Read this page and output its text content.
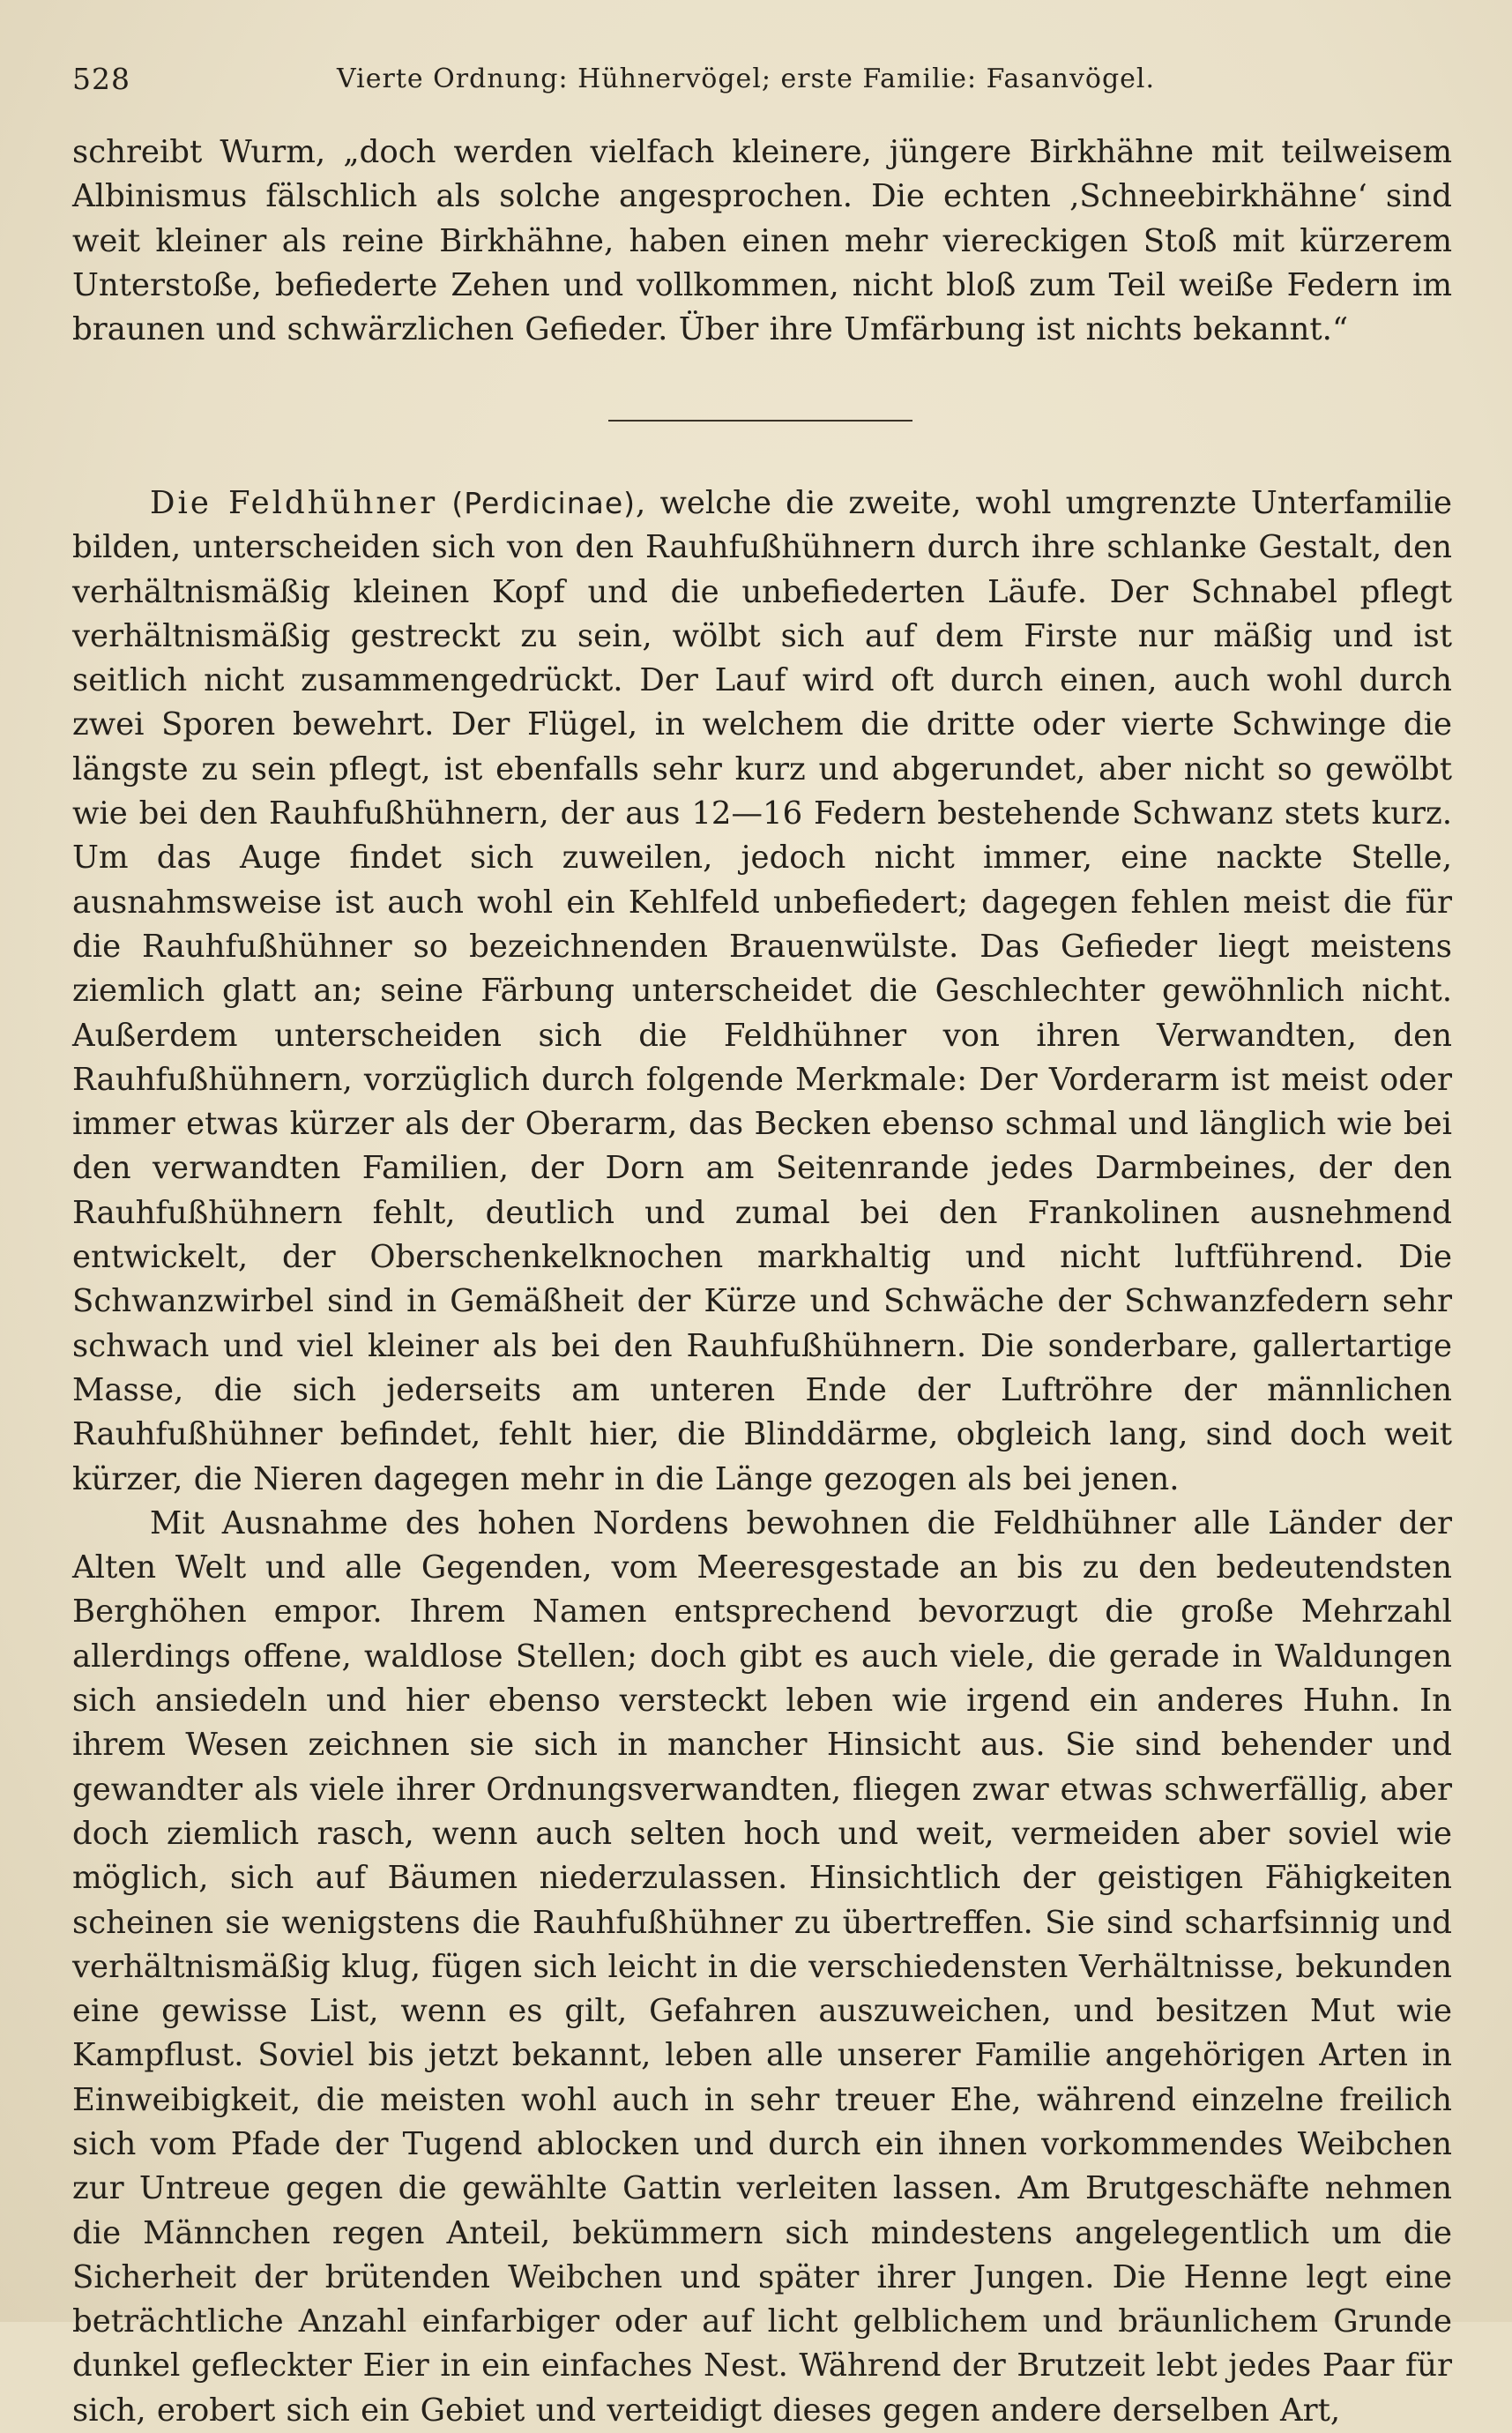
528	Vierte Ordnung: Hühnervögel; erste Familie: Fasanvögel.

schreibt Wurm, „doch werden vielfach kleinere, jüngere Birkhähne mit teilweisem Albinismus fälschlich als solche angesprochen. Die echten ‚Schneebirkhähne‘ sind weit kleiner als reine Birkhähne, haben einen mehr viereckigen Stoß mit kürzerem Unterstoße, befiederte Zehen und vollkommen, nicht bloß zum Teil weiße Federn im braunen und schwärzlichen Gefieder. Über ihre Umfärbung ist nichts bekannt.“

Die Feldhühner (Perdicinae), welche die zweite, wohl umgrenzte Unterfamilie bilden, unterscheiden sich von den Rauhfußhühnern durch ihre schlanke Gestalt, den verhältnismäßig kleinen Kopf und die unbefiederten Läufe. Der Schnabel pflegt verhältnismäßig gestreckt zu sein, wölbt sich auf dem Firste nur mäßig und ist seitlich nicht zusammengedrückt. Der Lauf wird oft durch einen, auch wohl durch zwei Sporen bewehrt. Der Flügel, in welchem die dritte oder vierte Schwinge die längste zu sein pflegt, ist ebenfalls sehr kurz und abgerundet, aber nicht so gewölbt wie bei den Rauhfußhühnern, der aus 12—16 Federn bestehende Schwanz stets kurz. Um das Auge findet sich zuweilen, jedoch nicht immer, eine nackte Stelle, ausnahmsweise ist auch wohl ein Kehlfeld unbefiedert; dagegen fehlen meist die für die Rauhfußhühner so bezeichnenden Brauenwülste. Das Gefieder liegt meistens ziemlich glatt an; seine Färbung unterscheidet die Geschlechter gewöhnlich nicht. Außerdem unterscheiden sich die Feldhühner von ihren Verwandten, den Rauhfußhühnern, vorzüglich durch folgende Merkmale: Der Vorderarm ist meist oder immer etwas kürzer als der Oberarm, das Becken ebenso schmal und länglich wie bei den verwandten Familien, der Dorn am Seitenrande jedes Darmbeines, der den Rauhfußhühnern fehlt, deutlich und zumal bei den Frankolinen ausnehmend entwickelt, der Oberschenkelknochen markhaltig und nicht luftführend. Die Schwanzwirbel sind in Gemäßheit der Kürze und Schwäche der Schwanzfedern sehr schwach und viel kleiner als bei den Rauhfußhühnern. Die sonderbare, gallertartige Masse, die sich jederseits am unteren Ende der Luftröhre der männlichen Rauhfußhühner befindet, fehlt hier, die Blinddärme, obgleich lang, sind doch weit kürzer, die Nieren dagegen mehr in die Länge gezogen als bei jenen.

Mit Ausnahme des hohen Nordens bewohnen die Feldhühner alle Länder der Alten Welt und alle Gegenden, vom Meeresgestade an bis zu den bedeutendsten Berghöhen empor. Ihrem Namen entsprechend bevorzugt die große Mehrzahl allerdings offene, waldlose Stellen; doch gibt es auch viele, die gerade in Waldungen sich ansiedeln und hier ebenso versteckt leben wie irgend ein anderes Huhn. In ihrem Wesen zeichnen sie sich in mancher Hinsicht aus. Sie sind behender und gewandter als viele ihrer Ordnungsverwandten, fliegen zwar etwas schwerfällig, aber doch ziemlich rasch, wenn auch selten hoch und weit, vermeiden aber soviel wie möglich, sich auf Bäumen niederzulassen. Hinsichtlich der geistigen Fähigkeiten scheinen sie wenigstens die Rauhfußhühner zu übertreffen. Sie sind scharfsinnig und verhältnismäßig klug, fügen sich leicht in die verschiedensten Verhältnisse, bekunden eine gewisse List, wenn es gilt, Gefahren auszuweichen, und besitzen Mut wie Kampflust. Soviel bis jetzt bekannt, leben alle unserer Familie angehörigen Arten in Einweibigkeit, die meisten wohl auch in sehr treuer Ehe, während einzelne freilich sich vom Pfade der Tugend ablocken und durch ein ihnen vorkommendes Weibchen zur Untreue gegen die gewählte Gattin verleiten lassen. Am Brutgeschäfte nehmen die Männchen regen Anteil, bekümmern sich mindestens angelegentlich um die Sicherheit der brütenden Weibchen und später ihrer Jungen. Die Henne legt eine beträchtliche Anzahl einfarbiger oder auf licht gelblichem und bräunlichem Grunde dunkel gefleckter Eier in ein einfaches Nest. Während der Brutzeit lebt jedes Paar für sich, erobert sich ein Gebiet und verteidigt dieses gegen andere derselben Art,
